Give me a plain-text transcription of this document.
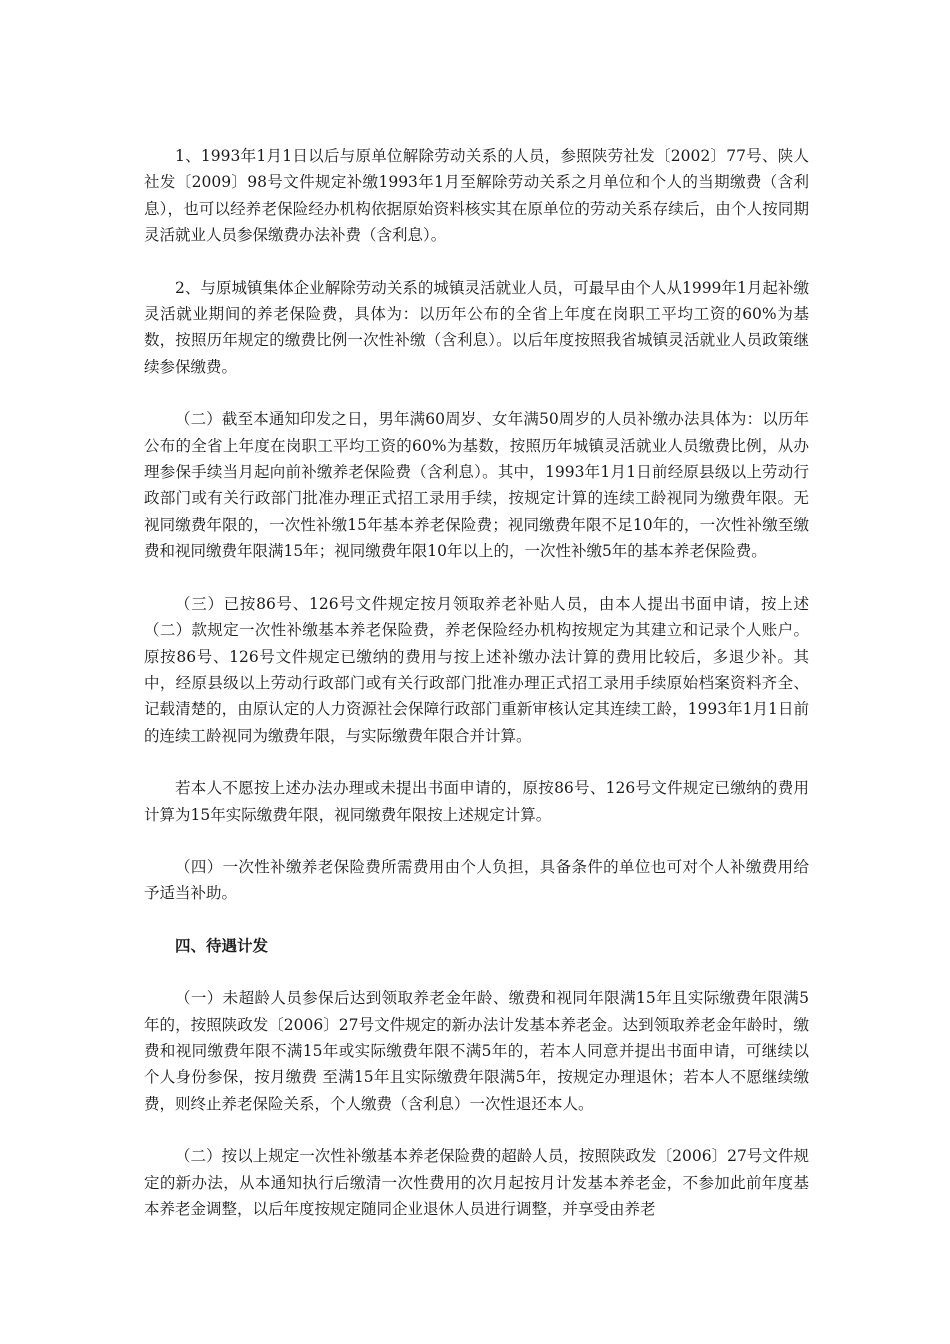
1、1993年1月1日以后与原单位解除劳动关系的人员，参照陕劳社发〔2002〕77号、陕人社发〔2009〕98号文件规定补缴1993年1月至解除劳动关系之月单位和个人的当期缴费（含利息），也可以经养老保险经办机构依据原始资料核实其在原单位的劳动关系存续后，由个人按同期灵活就业人员参保缴费办法补费（含利息）。

2、与原城镇集体企业解除劳动关系的城镇灵活就业人员，可最早由个人从1999年1月起补缴灵活就业期间的养老保险费，具体为：以历年公布的全省上年度在岗职工平均工资的60%为基数，按照历年规定的缴费比例一次性补缴（含利息）。以后年度按照我省城镇灵活就业人员政策继续参保缴费。

（二）截至本通知印发之日，男年满60周岁、女年满50周岁的人员补缴办法具体为：以历年公布的全省上年度在岗职工平均工资的60%为基数，按照历年城镇灵活就业人员缴费比例，从办理参保手续当月起向前补缴养老保险费（含利息）。其中，1993年1月1日前经原县级以上劳动行政部门或有关行政部门批准办理正式招工录用手续，按规定计算的连续工龄视同为缴费年限。无视同缴费年限的，一次性补缴15年基本养老保险费；视同缴费年限不足10年的，一次性补缴至缴费和视同缴费年限满15年；视同缴费年限10年以上的，一次性补缴5年的基本养老保险费。

（三）已按86号、126号文件规定按月领取养老补贴人员，由本人提出书面申请，按上述（二）款规定一次性补缴基本养老保险费，养老保险经办机构按规定为其建立和记录个人账户。原按86号、126号文件规定已缴纳的费用与按上述补缴办法计算的费用比较后，多退少补。其中，经原县级以上劳动行政部门或有关行政部门批准办理正式招工录用手续原始档案资料齐全、记载清楚的，由原认定的人力资源社会保障行政部门重新审核认定其连续工龄，1993年1月1日前的连续工龄视同为缴费年限，与实际缴费年限合并计算。

若本人不愿按上述办法办理或未提出书面申请的，原按86号、126号文件规定已缴纳的费用计算为15年实际缴费年限，视同缴费年限按上述规定计算。

（四）一次性补缴养老保险费所需费用由个人负担，具备条件的单位也可对个人补缴费用给予适当补助。

四、待遇计发

（一）未超龄人员参保后达到领取养老金年龄、缴费和视同年限满15年且实际缴费年限满5年的，按照陕政发〔2006〕27号文件规定的新办法计发基本养老金。达到领取养老金年龄时，缴费和视同缴费年限不满15年或实际缴费年限不满5年的，若本人同意并提出书面申请，可继续以个人身份参保，按月缴费 至满15年且实际缴费年限满5年，按规定办理退休；若本人不愿继续缴费，则终止养老保险关系，个人缴费（含利息）一次性退还本人。

（二）按以上规定一次性补缴基本养老保险费的超龄人员，按照陕政发〔2006〕27号文件规定的新办法，从本通知执行后缴清一次性费用的次月起按月计发基本养老金，不参加此前年度基本养老金调整，以后年度按规定随同企业退休人员进行调整，并享受由养老
